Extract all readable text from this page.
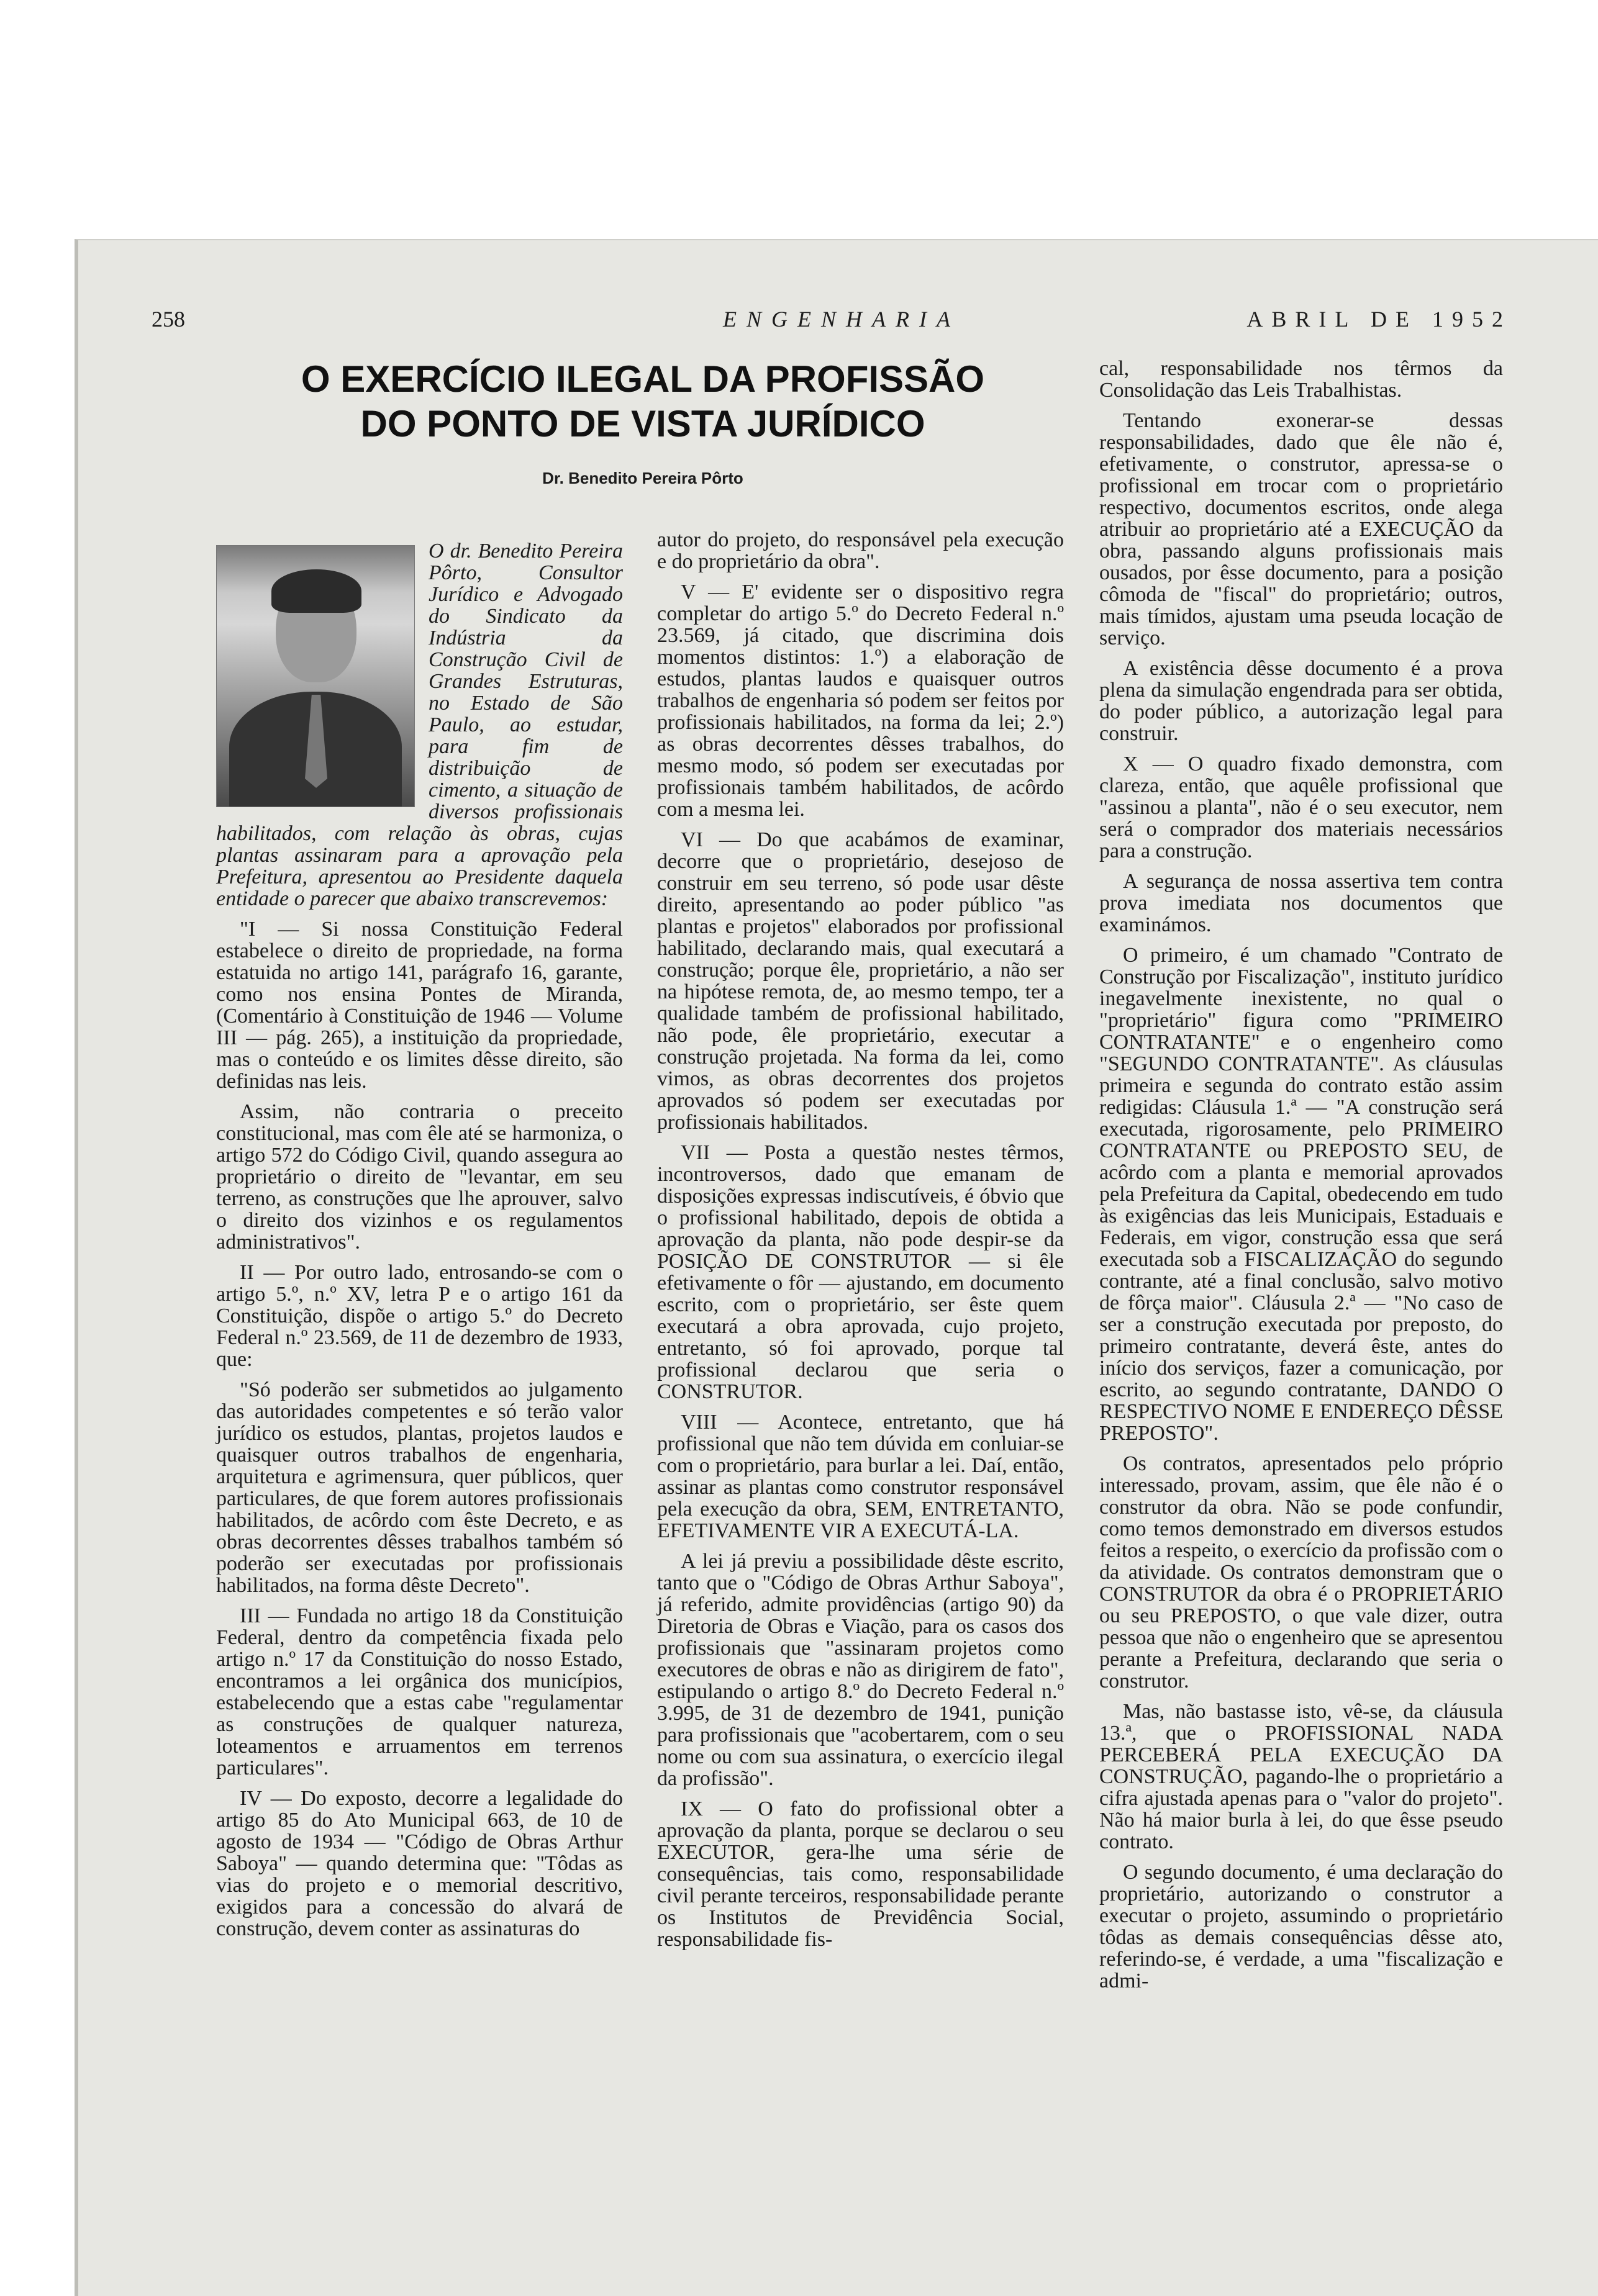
258	ENGENHARIA	ABRIL DE 1952
O EXERCÍCIO ILEGAL DA PROFISSÃO
DO PONTO DE VISTA JURÍDICO
Dr. Benedito Pereira Pôrto

O dr. Benedito Pereira Pôrto, Consultor Jurídico e Advogado do Sindicato da Indústria da Construção Civil de Grandes Estruturas, no Estado de São Paulo, ao estudar, para fim de distribuição de cimento, a situação de diversos profissionais habilitados, com relação às obras, cujas plantas assinaram para a aprovação pela Prefeitura, apresentou ao Presidente daquela entidade o parecer que abaixo transcrevemos:

"I — Si nossa Constituição Federal estabelece o direito de propriedade, na forma estatuida no artigo 141, parágrafo 16, garante, como nos ensina Pontes de Miranda, (Comentário à Constituição de 1946 — Volume III — pág. 265), a instituição da propriedade, mas o conteúdo e os limites dêsse direito, são definidas nas leis.

Assim, não contraria o preceito constitucional, mas com êle até se harmoniza, o artigo 572 do Código Civil, quando assegura ao proprietário o direito de "levantar, em seu terreno, as construções que lhe aprouver, salvo o direito dos vizinhos e os regulamentos administrativos".

II — Por outro lado, entrosando-se com o artigo 5.º, n.º XV, letra P e o artigo 161 da Constituição, dispõe o artigo 5.º do Decreto Federal n.º 23.569, de 11 de dezembro de 1933, que:

"Só poderão ser submetidos ao julgamento das autoridades competentes e só terão valor jurídico os estudos, plantas, projetos laudos e quaisquer outros trabalhos de engenharia, arquitetura e agrimensura, quer públicos, quer particulares, de que forem autores profissionais habilitados, de acôrdo com êste Decreto, e as obras decorrentes dêsses trabalhos também só poderão ser executadas por profissionais habilitados, na forma dêste Decreto".

III — Fundada no artigo 18 da Constituição Federal, dentro da competência fixada pelo artigo n.º 17 da Constituição do nosso Estado, encontramos a lei orgânica dos municípios, estabelecendo que a estas cabe "regulamentar as construções de qualquer natureza, loteamentos e arruamentos em terrenos particulares".

IV — Do exposto, decorre a legalidade do artigo 85 do Ato Municipal 663, de 10 de agosto de 1934 — "Código de Obras Arthur Saboya" — quando determina que: "Tôdas as vias do projeto e o memorial descritivo, exigidos para a concessão do alvará de construção, devem conter as assinaturas do

autor do projeto, do responsável pela execução e do proprietário da obra".

V — E' evidente ser o dispositivo regra completar do artigo 5.º do Decreto Federal n.º 23.569, já citado, que discrimina dois momentos distintos: 1.º) a elaboração de estudos, plantas laudos e quaisquer outros trabalhos de engenharia só podem ser feitos por profissionais habilitados, na forma da lei; 2.º) as obras decorrentes dêsses trabalhos, do mesmo modo, só podem ser executadas por profissionais também habilitados, de acôrdo com a mesma lei.

VI — Do que acabámos de examinar, decorre que o proprietário, desejoso de construir em seu terreno, só pode usar dêste direito, apresentando ao poder público "as plantas e projetos" elaborados por profissional habilitado, declarando mais, qual executará a construção; porque êle, proprietário, a não ser na hipótese remota, de, ao mesmo tempo, ter a qualidade também de profissional habilitado, não pode, êle proprietário, executar a construção projetada. Na forma da lei, como vimos, as obras decorrentes dos projetos aprovados só podem ser executadas por profissionais habilitados.

VII — Posta a questão nestes têrmos, incontroversos, dado que emanam de disposições expressas indiscutíveis, é óbvio que o profissional habilitado, depois de obtida a aprovação da planta, não pode despir-se da POSIÇÃO DE CONSTRUTOR — si êle efetivamente o fôr — ajustando, em documento escrito, com o proprietário, ser êste quem executará a obra aprovada, cujo projeto, entretanto, só foi aprovado, porque tal profissional declarou que seria o CONSTRUTOR.

VIII — Acontece, entretanto, que há profissional que não tem dúvida em conluiar-se com o proprietário, para burlar a lei. Daí, então, assinar as plantas como construtor responsável pela execução da obra, SEM, ENTRETANTO, EFETIVAMENTE VIR A EXECUTÁ-LA.

A lei já previu a possibilidade dêste escrito, tanto que o "Código de Obras Arthur Saboya", já referido, admite providências (artigo 90) da Diretoria de Obras e Viação, para os casos dos profissionais que "assinaram projetos como executores de obras e não as dirigirem de fato", estipulando o artigo 8.º do Decreto Federal n.º 3.995, de 31 de dezembro de 1941, punição para profissionais que "acobertarem, com o seu nome ou com sua assinatura, o exercício ilegal da profissão".

IX — O fato do profissional obter a aprovação da planta, porque se declarou o seu EXECUTOR, gera-lhe uma série de consequências, tais como, responsabilidade civil perante terceiros, responsabilidade perante os Institutos de Previdência Social, responsabilidade fis-

cal, responsabilidade nos têrmos da Consolidação das Leis Trabalhistas.

Tentando exonerar-se dessas responsabilidades, dado que êle não é, efetivamente, o construtor, apressa-se o profissional em trocar com o proprietário respectivo, documentos escritos, onde alega atribuir ao proprietário até a EXECUÇÃO da obra, passando alguns profissionais mais ousados, por êsse documento, para a posição cômoda de "fiscal" do proprietário; outros, mais tímidos, ajustam uma pseuda locação de serviço.

A existência dêsse documento é a prova plena da simulação engendrada para ser obtida, do poder público, a autorização legal para construir.

X — O quadro fixado demonstra, com clareza, então, que aquêle profissional que "assinou a planta", não é o seu executor, nem será o comprador dos materiais necessários para a construção.

A segurança de nossa assertiva tem contra prova imediata nos documentos que examinámos.

O primeiro, é um chamado "Contrato de Construção por Fiscalização", instituto jurídico inegavelmente inexistente, no qual o "proprietário" figura como "PRIMEIRO CONTRATANTE" e o engenheiro como "SEGUNDO CONTRATANTE". As cláusulas primeira e segunda do contrato estão assim redigidas: Cláusula 1.ª — "A construção será executada, rigorosamente, pelo PRIMEIRO CONTRATANTE ou PREPOSTO SEU, de acôrdo com a planta e memorial aprovados pela Prefeitura da Capital, obedecendo em tudo às exigências das leis Municipais, Estaduais e Federais, em vigor, construção essa que será executada sob a FISCALIZAÇÃO do segundo contrante, até a final conclusão, salvo motivo de fôrça maior". Cláusula 2.ª — "No caso de ser a construção executada por preposto, do primeiro contratante, deverá êste, antes do início dos serviços, fazer a comunicação, por escrito, ao segundo contratante, DANDO O RESPECTIVO NOME E ENDEREÇO DÊSSE PREPOSTO".

Os contratos, apresentados pelo próprio interessado, provam, assim, que êle não é o construtor da obra. Não se pode confundir, como temos demonstrado em diversos estudos feitos a respeito, o exercício da profissão com o da atividade. Os contratos demonstram que o CONSTRUTOR da obra é o PROPRIETÁRIO ou seu PREPOSTO, o que vale dizer, outra pessoa que não o engenheiro que se apresentou perante a Prefeitura, declarando que seria o construtor.

Mas, não bastasse isto, vê-se, da cláusula 13.ª, que o PROFISSIONAL NADA PERCEBERÁ PELA EXECUÇÃO DA CONSTRUÇÃO, pagando-lhe o proprietário a cifra ajustada apenas para o "valor do projeto". Não há maior burla à lei, do que êsse pseudo contrato.

O segundo documento, é uma declaração do proprietário, autorizando o construtor a executar o projeto, assumindo o proprietário tôdas as demais consequências dêsse ato, referindo-se, é verdade, a uma "fiscalização e admi-
